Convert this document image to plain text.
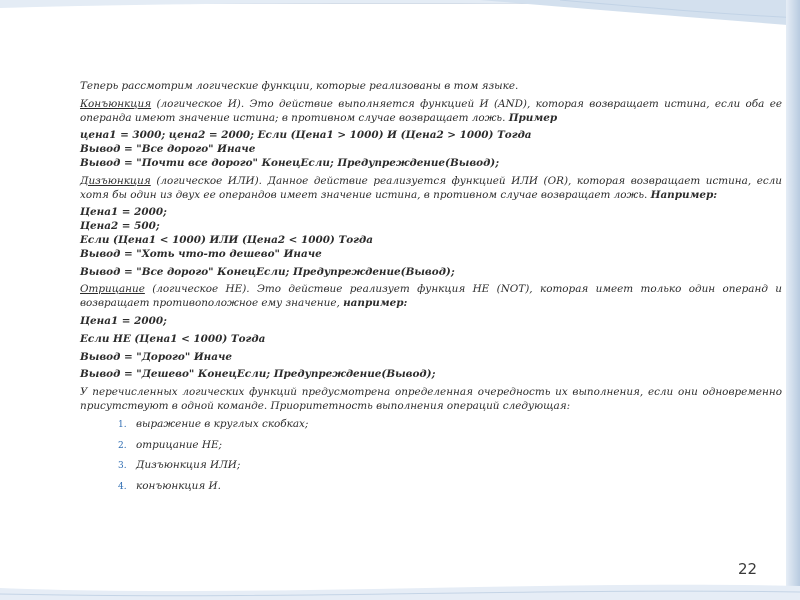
Теперь рассмотрим логические функции, которые реализованы в том языке.

Конъюнкция (логическое И). Это действие выполняется функцией И (AND), которая возвращает истина, если оба ее операнда имеют значение истина; в противном случае возвращает ложь. Пример

цена1 = 3000; цена2 = 2000; Если (Цена1 > 1000) И (Цена2 > 1000) Тогда
Вывод = "Все дорого" Иначе
Вывод = "Почти все дорого" КонецЕсли; Предупреждение(Вывод);

Дизъюнкция (логическое ИЛИ). Данное действие реализуется функцией ИЛИ (OR), которая возвращает истина, если хотя бы один из двух ее операндов имеет значение истина, в противном случае возвращает ложь. Например:

Цена1 = 2000;
Цена2 = 500;
Если (Цена1 < 1000) ИЛИ (Цена2 < 1000) Тогда
Вывод = "Хоть что-то дешево" Иначе
Вывод = "Все дорого" КонецЕсли; Предупреждение(Вывод);

Отрицание (логическое НЕ). Это действие реализует функция НЕ (NOT), которая имеет только один операнд и возвращает противоположное ему значение, например:

Цена1 = 2000;
Если НЕ (Цена1 < 1000) Тогда
Вывод = "Дорого" Иначе
Вывод = "Дешево" КонецЕсли; Предупреждение(Вывод);

У перечисленных логических функций предусмотрена определенная очередность их выполнения, если они одновременно присутствуют в одной команде. Приоритетность выполнения операций следующая:

1. выражение в круглых скобках;
2. отрицание НЕ;
3. Дизъюнкция ИЛИ;
4. конъюнкция И.
22
